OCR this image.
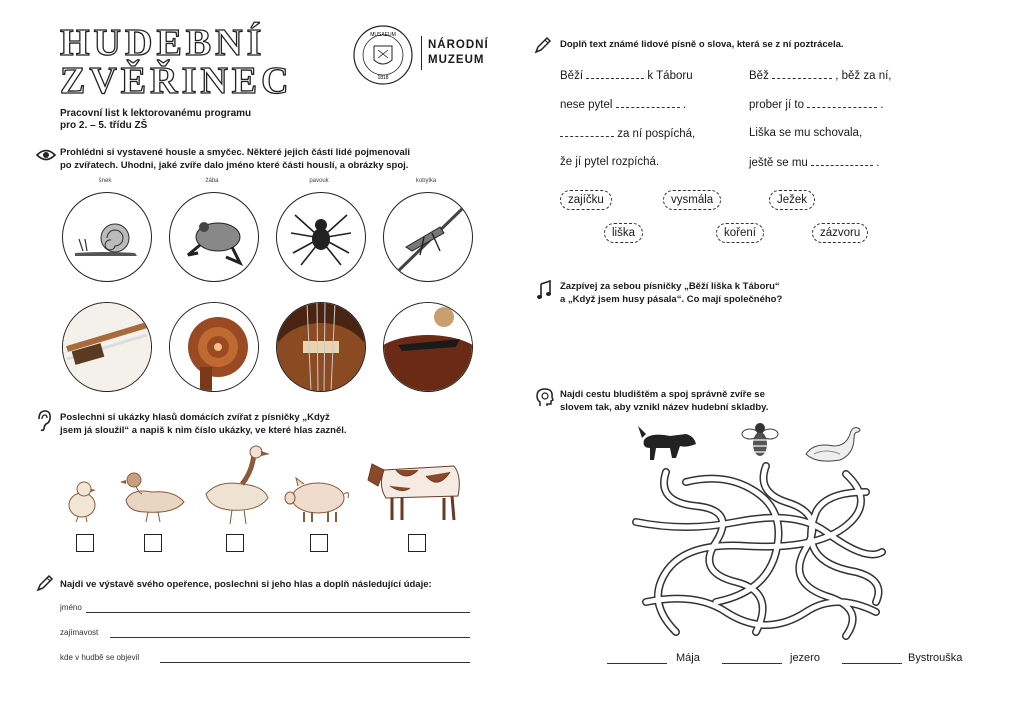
HUDEBNÍ
ZVĚŘINEC
Pracovní list k lektorovanému programu
pro 2. – 5. třídu ZŠ
MUSAEUM
1818
NÁRODNÍ
MUZEUM
Prohlédni si vystavené housle a smyčec. Některé jejich části lidé pojmenovali
po zvířatech. Uhodni, jaké zvíře dalo jméno které části houslí, a obrázky spoj.
šnek	žába	pavouk	kobylka
Poslechni si ukázky hlasů domácích zvířat z písničky „Když
jsem já sloužil“ a napiš k nim číslo ukázky, ve které hlas zazněl.
Najdi ve výstavě svého opeřence, poslechni si jeho hlas a doplň následující údaje:
jméno
zajímavost
kde v hudbě se objevil
Doplň text známé lidové písně o slova, která se z ní poztrácela.
Běží	k Táboru
nese pytel	.
za ní pospíchá,
že jí pytel rozpíchá.
Běž	, běž za ní,
prober jí to	.
Liška se mu schovala,
ještě se mu	.
zajíčku	vysmála	Ježek
liška	koření	zázvoru
Zazpívej za sebou písničky „Běží liška k Táboru“
a „Když jsem husy pásala“. Co mají společného?
Najdi cestu bludištěm a spoj správně zvíře se
slovem tak, aby vznikl název hudební skladby.
Mája	jezero	Bystrouška
